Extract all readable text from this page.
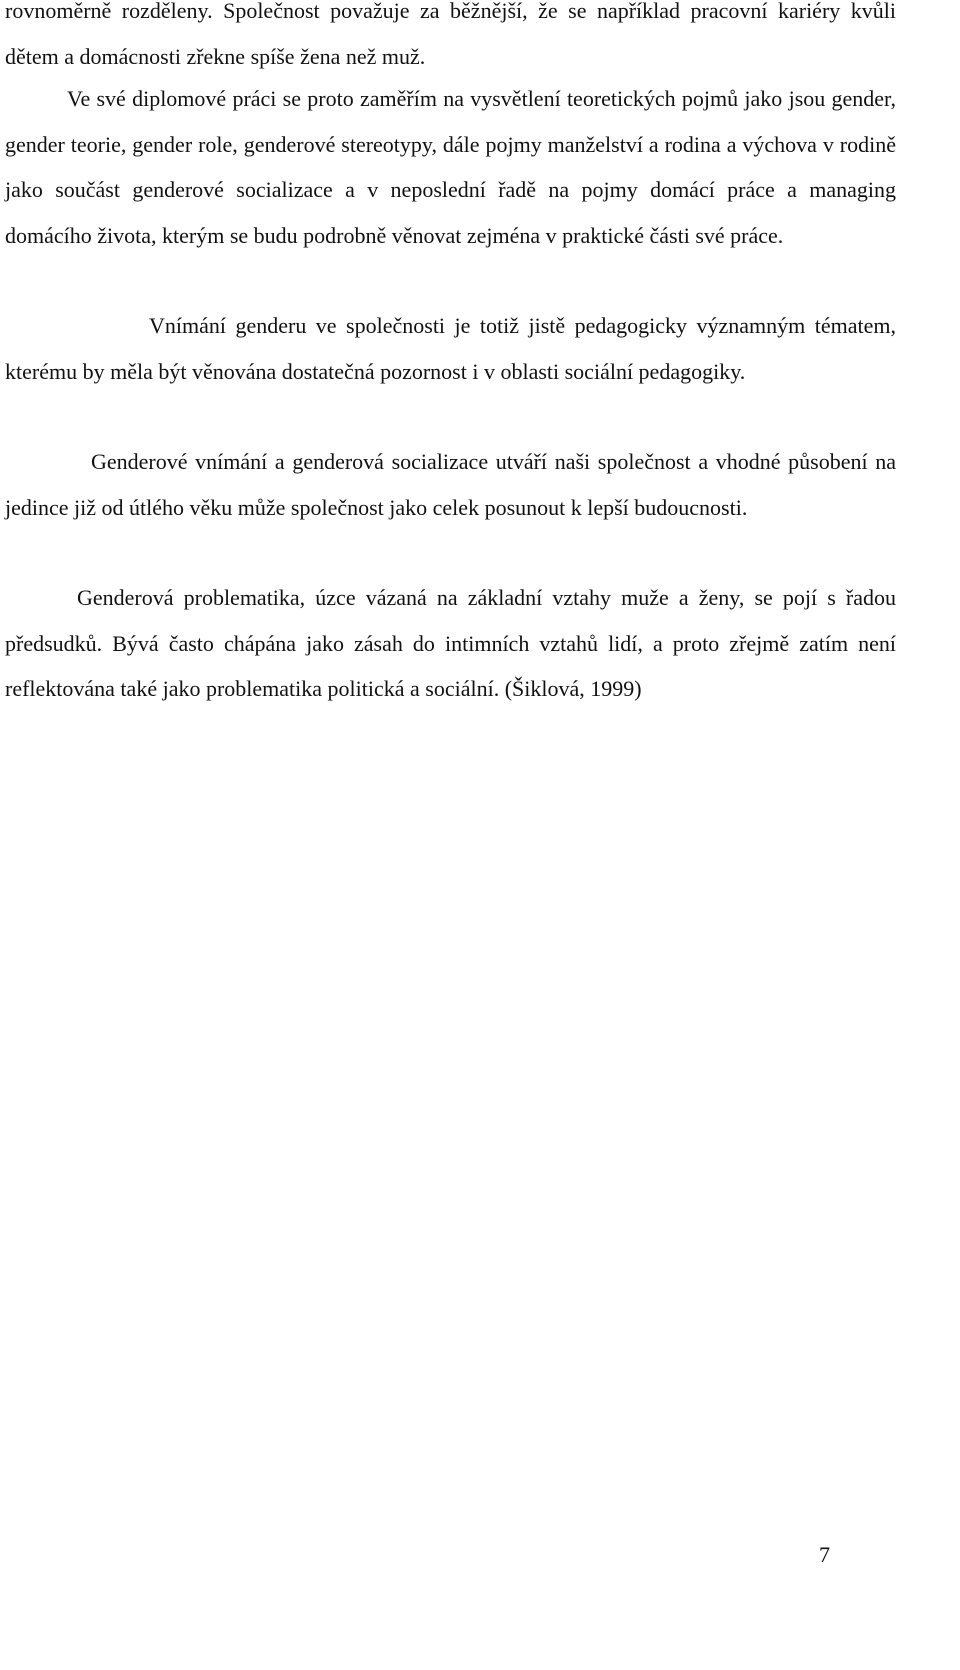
rovnoměrně rozděleny. Společnost považuje za běžnější, že se například pracovní kariéry kvůli dětem a domácnosti zřekne spíše žena než muž.

Ve své diplomové práci se proto zaměřím na vysvětlení teoretických pojmů jako jsou gender, gender teorie, gender role, genderové stereotypy, dále pojmy manželství a rodina a výchova v rodině jako součást genderové socializace a v neposlední řadě na pojmy domácí práce a managing domácího života, kterým se budu podrobně věnovat zejména v praktické části své práce.

Vnímání genderu ve společnosti je totiž jistě pedagogicky významným tématem, kterému by měla být věnována dostatečná pozornost i v oblasti sociální pedagogiky.

Genderové vnímání a genderová socializace utváří naši společnost a vhodné působení na jedince již od útlého věku může společnost jako celek posunout k lepší budoucnosti.

Genderová problematika, úzce vázaná na základní vztahy muže a ženy, se pojí s řadou předsudků. Bývá často chápána jako zásah do intimních vztahů lidí, a proto zřejmě zatím není reflektována také jako problematika politická a sociální. (Šiklová, 1999)

7
